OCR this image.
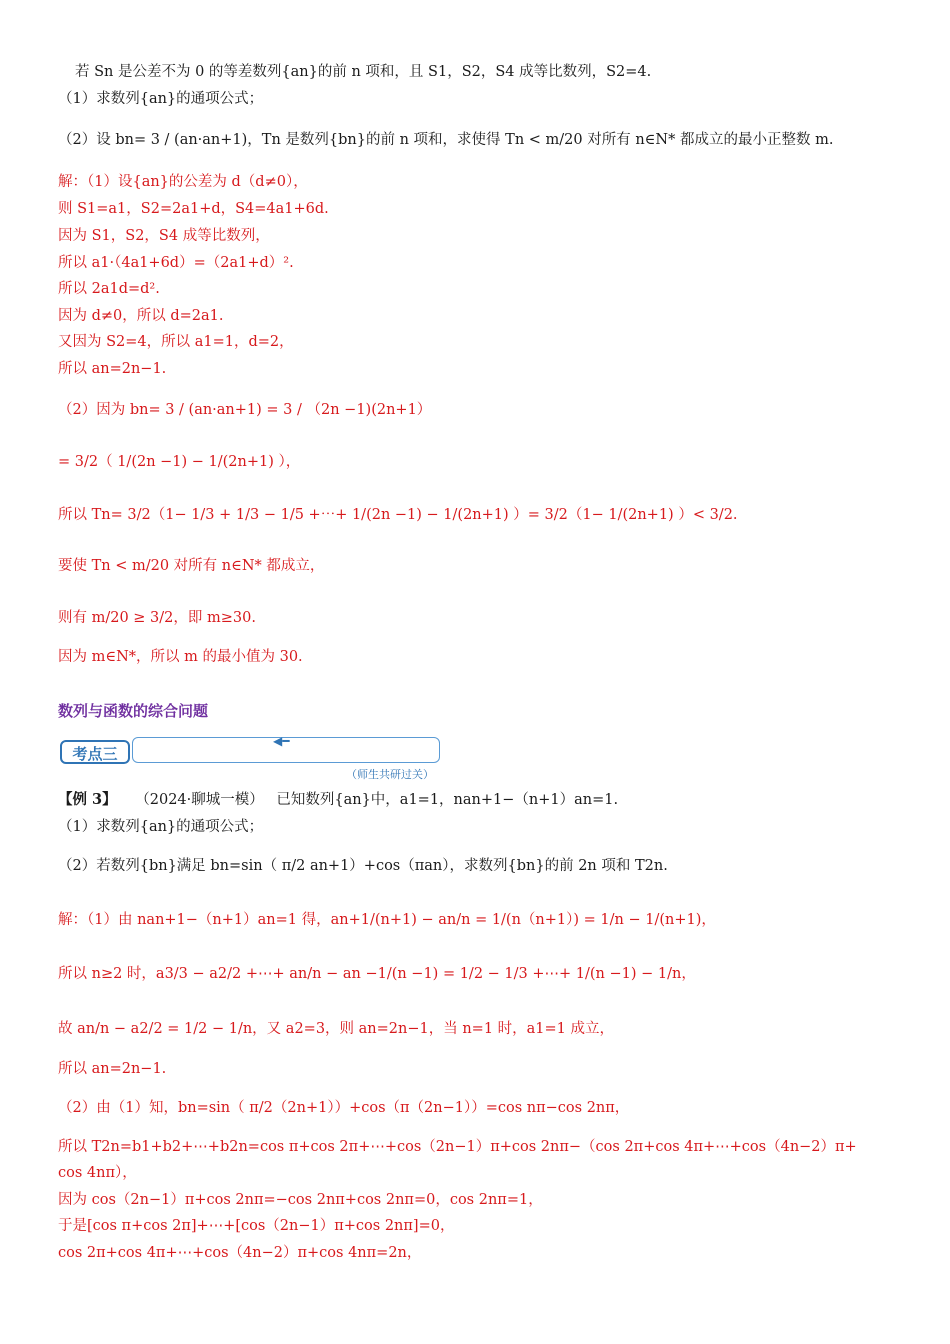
若 Sn 是公差不为 0 的等差数列{an}的前 n 项和，且 S1，S2，S4 成等比数列，S2=4.
（1）求数列{an}的通项公式；
（2）设 bn= 3 / (an·an+1)，Tn 是数列{bn}的前 n 项和，求使得 Tn < m/20 对所有 n∈N* 都成立的最小正整数 m.
解：（1）设{an}的公差为 d（d≠0），
则 S1=a1，S2=2a1+d，S4=4a1+6d.
因为 S1，S2，S4 成等比数列，
所以 a1·（4a1+6d）=（2a1+d）².
所以 2a1d=d².
因为 d≠0，所以 d=2a1.
又因为 S2=4，所以 a1=1，d=2，
所以 an=2n−1.
（2）因为 bn= 3 / (an·an+1) = 3 / （2n −1)(2n+1）
= 3/2（ 1/(2n −1) − 1/(2n+1) ），
所以 Tn= 3/2（1− 1/3 + 1/3 − 1/5 +⋯+ 1/(2n −1) − 1/(2n+1) ）= 3/2（1− 1/(2n+1) ）< 3/2.
要使 Tn < m/20 对所有 n∈N* 都成立，
则有 m/20 ≥ 3/2，即 m≥30.
因为 m∈N*，所以 m 的最小值为 30.
数列与函数的综合问题
◀━
考点三
（师生共研过关）
【例 3】 （2024·聊城一模） 已知数列{an}中，a1=1，nan+1−（n+1）an=1.
（1）求数列{an}的通项公式；
（2）若数列{bn}满足 bn=sin（ π/2 an+1）+cos（πan），求数列{bn}的前 2n 项和 T2n.
解：（1）由 nan+1−（n+1）an=1 得，an+1/(n+1) − an/n = 1/(n（n+1）) = 1/n − 1/(n+1)，
所以 n≥2 时，a3/3 − a2/2 +⋯+ an/n − an −1/(n −1) = 1/2 − 1/3 +⋯+ 1/(n −1) − 1/n，
故 an/n − a2/2 = 1/2 − 1/n，又 a2=3，则 an=2n−1，当 n=1 时，a1=1 成立，
所以 an=2n−1.
（2）由（1）知，bn=sin（ π/2（2n+1））+cos（π（2n−1））=cos nπ−cos 2nπ，
所以 T2n=b1+b2+⋯+b2n=cos π+cos 2π+⋯+cos（2n−1）π+cos 2nπ−（cos 2π+cos 4π+⋯+cos（4n−2）π+
cos 4nπ），
因为 cos（2n−1）π+cos 2nπ=−cos 2nπ+cos 2nπ=0，cos 2nπ=1，
于是[cos π+cos 2π]+⋯+[cos（2n−1）π+cos 2nπ]=0，
cos 2π+cos 4π+⋯+cos（4n−2）π+cos 4nπ=2n，
